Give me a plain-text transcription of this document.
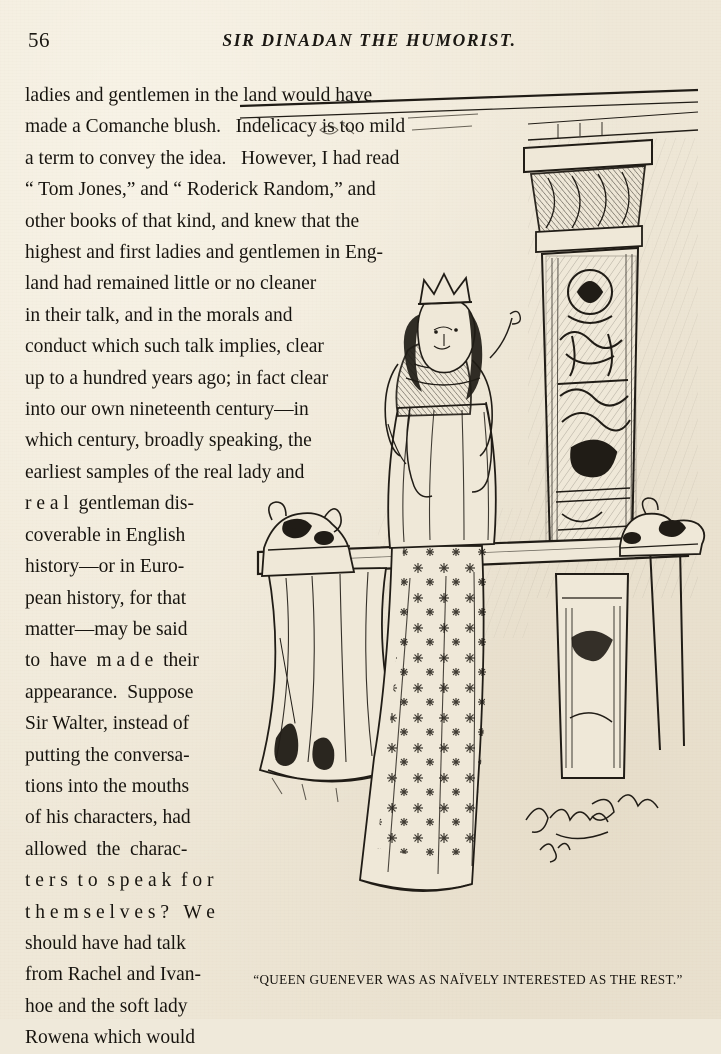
56	SIR DINADAN THE HUMORIST.

ladies and gentlemen in the land would have
made a Comanche blush.   Indelicacy is too mild
a term to convey the idea.   However, I had read
“ Tom Jones,” and “ Roderick Random,” and
other books of that kind, and knew that the
highest and first ladies and gentlemen in Eng-
land had remained little or no cleaner
in their talk, and in the morals and
conduct which such talk implies, clear
up to a hundred years ago; in fact clear
into our own nineteenth century—in
which century, broadly speaking, the
earliest samples of the real lady and
r e a l  gentleman dis-
coverable in English
history—or in Euro-
pean history, for that
matter—may be said
to  have  m a d e  their
appearance.  Suppose
Sir Walter, instead of
putting the conversa-
tions into the mouths
of his characters, had
allowed  the  charac-
t e r s  t o  s p e a k  f o r
t h e m s e l v e s ?   W e
should have had talk
from Rachel and Ivan-
hoe and the soft lady
Rowena which would

“QUEEN GUENEVER WAS AS NAÏVELY INTERESTED AS THE REST.”
